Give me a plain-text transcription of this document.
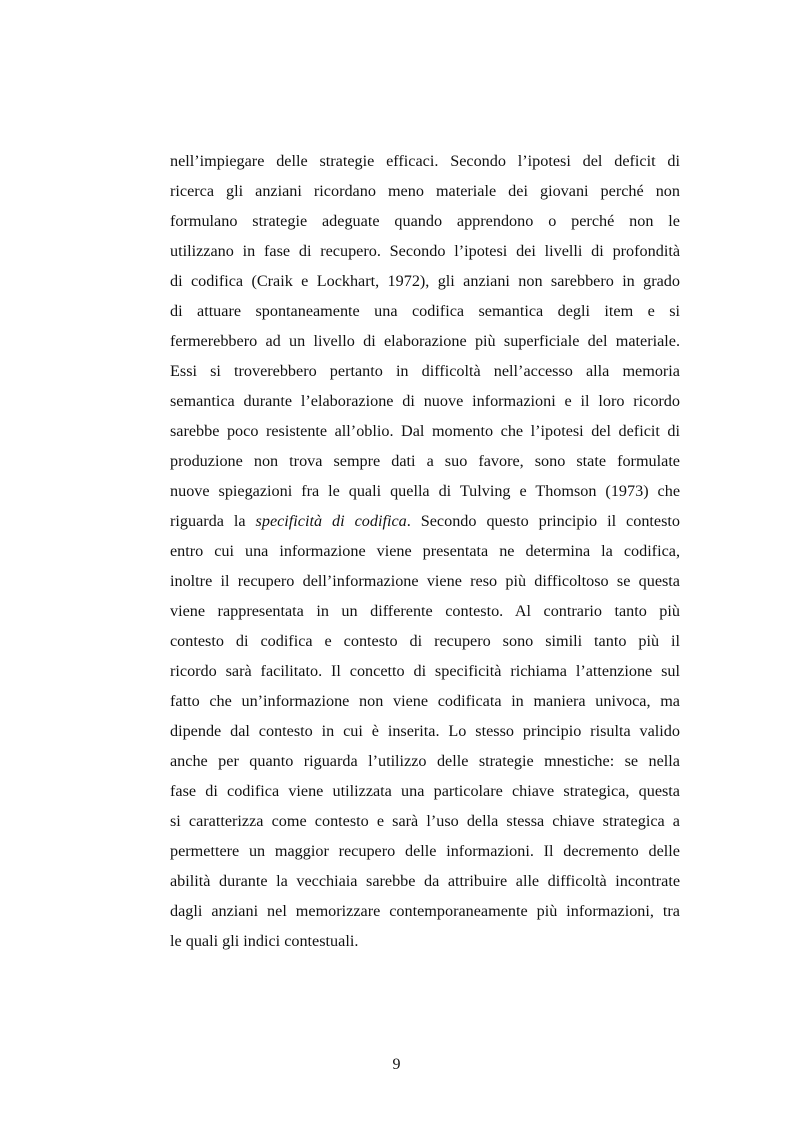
nell’impiegare delle strategie efficaci. Secondo l’ipotesi del deficit di
ricerca gli anziani ricordano meno materiale dei giovani perché non
formulano strategie adeguate quando apprendono o perché non le
utilizzano in fase di recupero. Secondo l’ipotesi dei livelli di profondità
di codifica (Craik e Lockhart, 1972), gli anziani non sarebbero in grado
di attuare spontaneamente una codifica semantica degli item e si
fermerebbero ad un livello di elaborazione più superficiale del materiale.
Essi si troverebbero pertanto in difficoltà nell’accesso alla memoria
semantica durante l’elaborazione di nuove informazioni e il loro ricordo
sarebbe poco resistente all’oblio. Dal momento che l’ipotesi del deficit di
produzione non trova sempre dati a suo favore, sono state formulate
nuove spiegazioni fra le quali quella di Tulving e Thomson (1973) che
riguarda la specificità di codifica. Secondo questo principio il contesto
entro cui una informazione viene presentata ne determina la codifica,
inoltre il recupero dell’informazione viene reso più difficoltoso se questa
viene rappresentata in un differente contesto. Al contrario tanto più
contesto di codifica e contesto di recupero sono simili tanto più il
ricordo sarà facilitato. Il concetto di specificità richiama l’attenzione sul
fatto che un’informazione non viene codificata in maniera univoca, ma
dipende dal contesto in cui è inserita. Lo stesso principio risulta valido
anche per quanto riguarda l’utilizzo delle strategie mnestiche: se nella
fase di codifica viene utilizzata una particolare chiave strategica, questa
si caratterizza come contesto e sarà l’uso della stessa chiave strategica a
permettere un maggior recupero delle informazioni. Il decremento delle
abilità durante la vecchiaia sarebbe da attribuire alle difficoltà incontrate
dagli anziani nel memorizzare contemporaneamente più informazioni, tra
le quali gli indici contestuali.
9
